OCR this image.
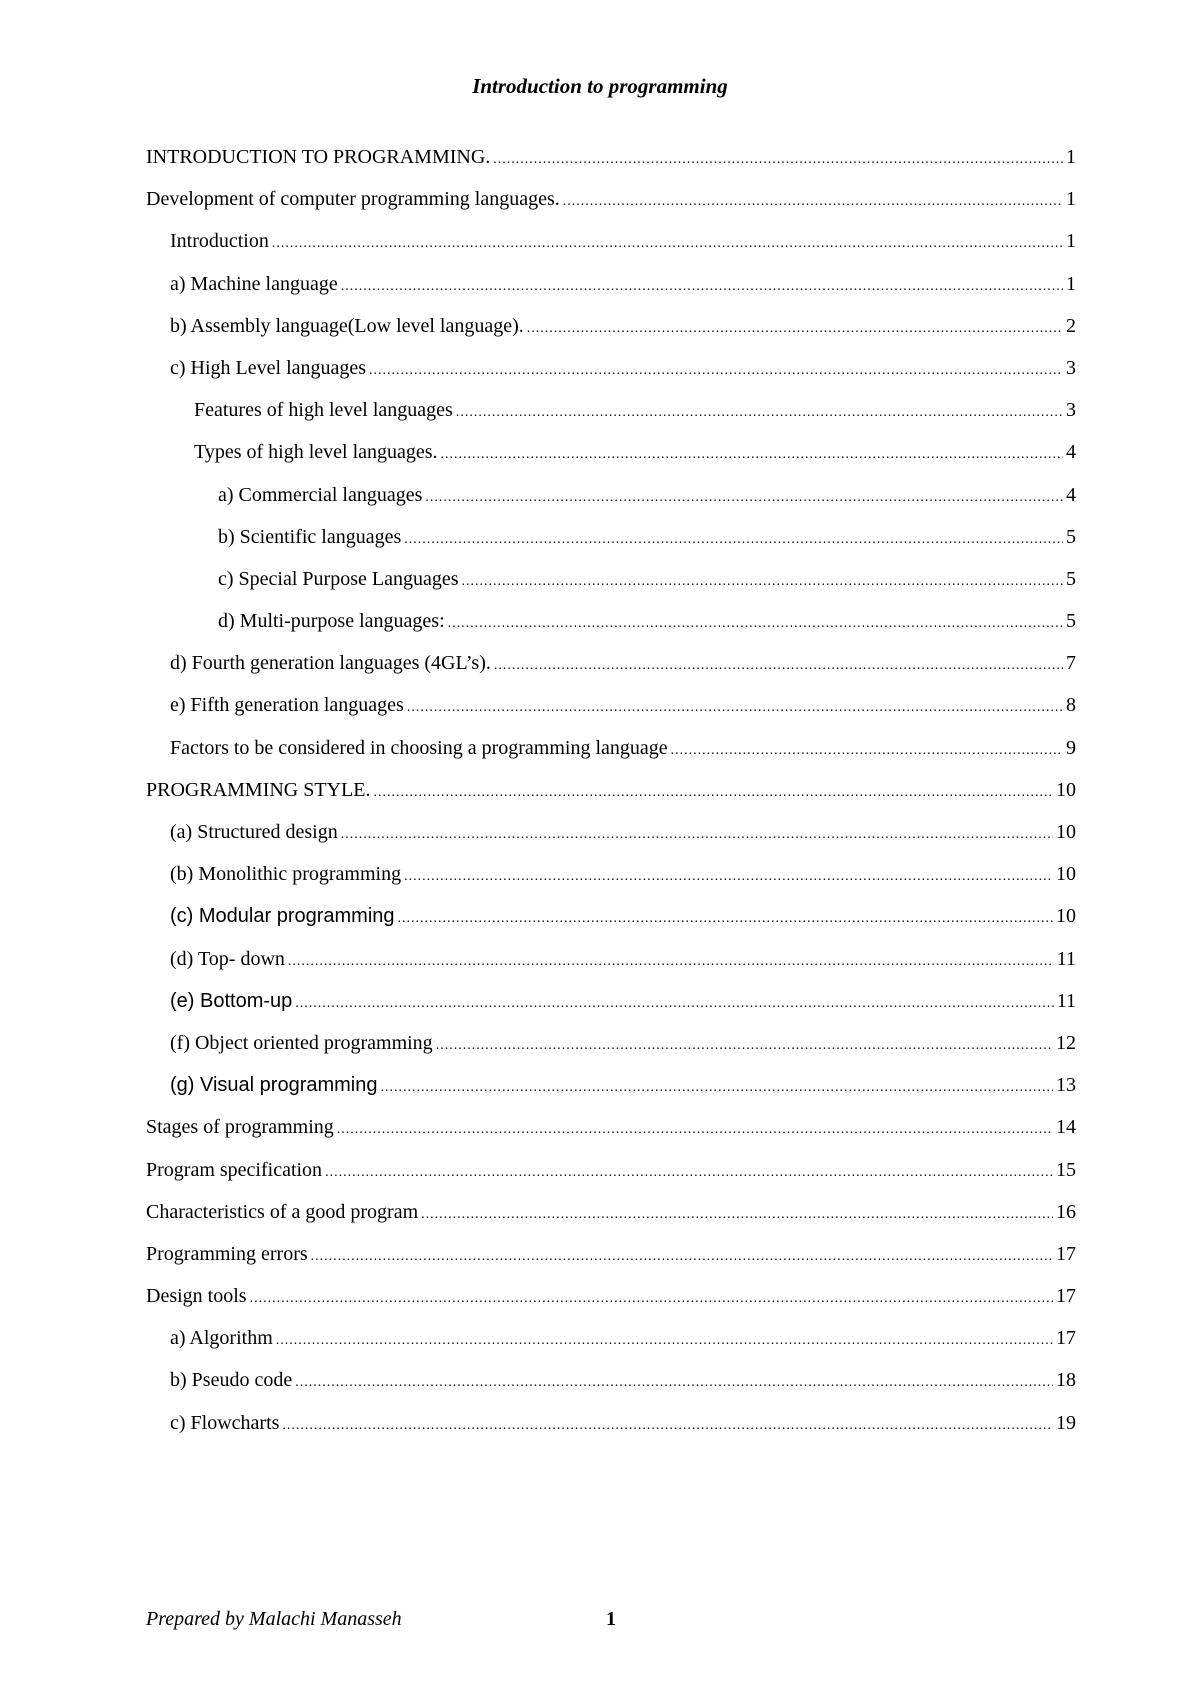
Introduction to programming
INTRODUCTION TO PROGRAMMING. .....	1
Development of computer programming languages. .....	1
Introduction .....	1
a) Machine language .....	1
b) Assembly language(Low level language). .....	2
c) High Level languages .....	3
Features of high level languages .....	3
Types of high level languages. .....	4
a) Commercial languages .....	4
b) Scientific languages .....	5
c) Special Purpose Languages .....	5
d) Multi-purpose languages: .....	5
d) Fourth generation languages (4GL’s). .....	7
e) Fifth generation languages .....	8
Factors to be considered in choosing a programming language .....	9
PROGRAMMING STYLE. .....	10
(a) Structured design .....	10
(b) Monolithic programming .....	10
(c) Modular programming .....	10
(d) Top- down .....	11
(e) Bottom-up .....	11
(f) Object oriented programming .....	12
(g) Visual programming .....	13
Stages of programming .....	14
Program specification .....	15
Characteristics of a good program .....	16
Programming errors .....	17
Design tools .....	17
a) Algorithm .....	17
b) Pseudo code .....	18
c) Flowcharts .....	19
Prepared by Malachi Manasseh	1
